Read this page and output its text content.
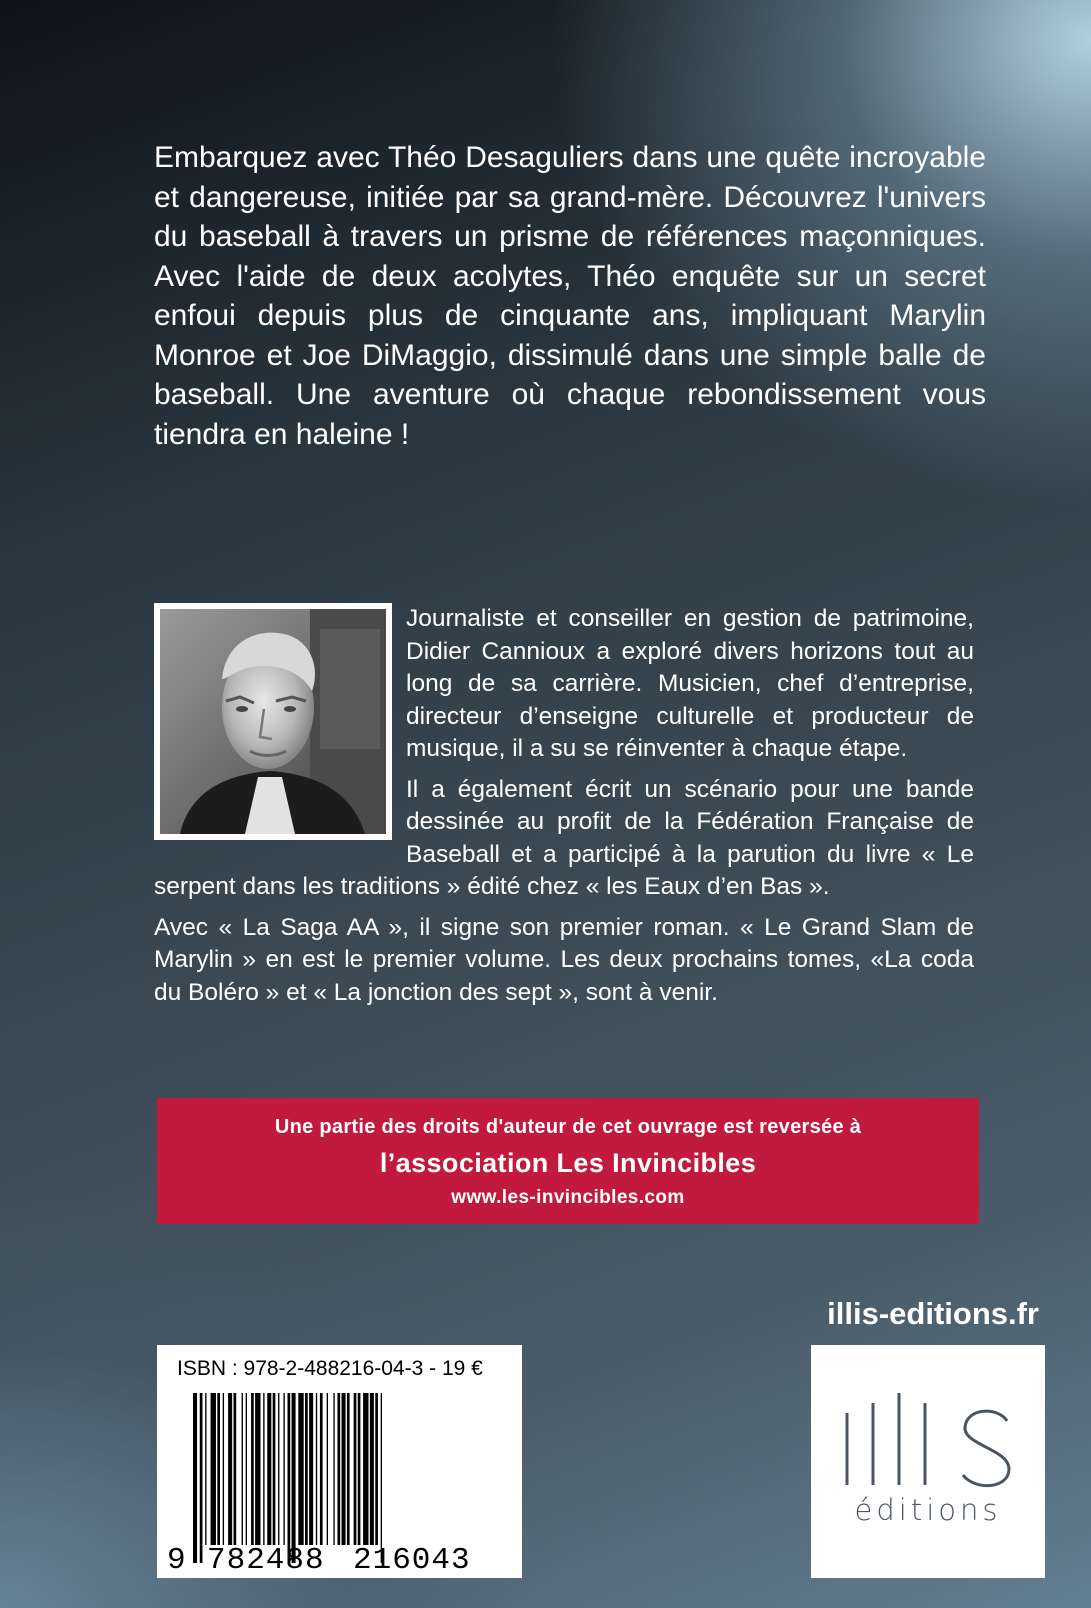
Embarquez avec Théo Desaguliers dans une quête incroyable et dangereuse, initiée par sa grand-mère. Découvrez l'univers du baseball à travers un prisme de références maçonniques. Avec l'aide de deux acolytes, Théo enquête sur un secret enfoui depuis plus de cinquante ans, impliquant Marylin Monroe et Joe DiMaggio, dissimulé dans une simple balle de baseball. Une aventure où chaque rebondissement vous tiendra en haleine !

Journaliste et conseiller en gestion de patrimoine, Didier Cannioux a exploré divers horizons tout au long de sa carrière. Musicien, chef d’entreprise, directeur d’enseigne culturelle et producteur de musique, il a su se réinventer à chaque étape.

Il a également écrit un scénario pour une bande dessinée au profit de la Fédération Française de Baseball et a participé à la parution du livre « Le serpent dans les traditions » édité chez « les Eaux d’en Bas ».

Avec « La Saga AA », il signe son premier roman. « Le Grand Slam de Marylin » en est le premier volume. Les deux prochains tomes, «La coda du Boléro » et « La jonction des sept », sont à venir.

Une partie des droits d'auteur de cet ouvrage est reversée à
l’association Les Invincibles
www.les-invincibles.com
illis-editions.fr
ISBN : 978-2-488216-04-3 - 19 €
9 782488 216043
éditions
